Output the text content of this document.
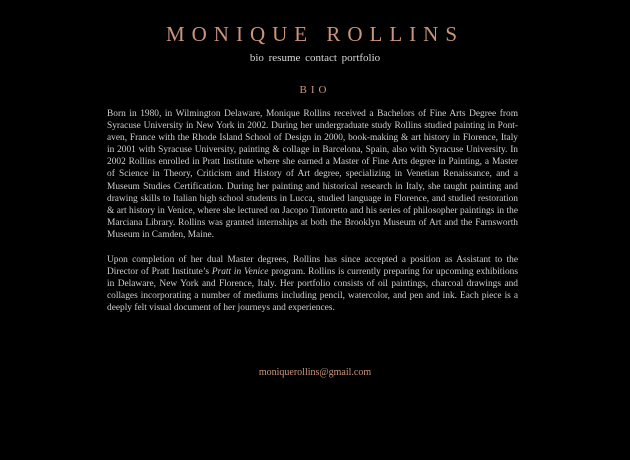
MONIQUE ROLLINS
bio resume contact portfolio
BIO

Born in 1980, in Wilmington Delaware, Monique Rollins received a Bachelors of Fine Arts Degree from Syracuse University in New York in 2002. During her undergraduate study Rollins studied painting in Pont-aven, France with the Rhode Island School of Design in 2000, book-making & art history in Florence, Italy in 2001 with Syracuse University, painting & collage in Barcelona, Spain, also with Syracuse University. In 2002 Rollins enrolled in Pratt Institute where she earned a Master of Fine Arts degree in Painting, a Master of Science in Theory, Criticism and History of Art degree, specializing in Venetian Renaissance, and a Museum Studies Certification. During her painting and historical research in Italy, she taught painting and drawing skills to Italian high school students in Lucca, studied language in Florence, and studied restoration & art history in Venice, where she lectured on Jacopo Tintoretto and his series of philosopher paintings in the Marciana Library. Rollins was granted internships at both the Brooklyn Museum of Art and the Farnsworth Museum in Camden, Maine.

Upon completion of her dual Master degrees, Rollins has since accepted a position as Assistant to the Director of Pratt Institute’s Pratt in Venice program. Rollins is currently preparing for upcoming exhibitions in Delaware, New York and Florence, Italy. Her portfolio consists of oil paintings, charcoal drawings and collages incorporating a number of mediums including pencil, watercolor, and pen and ink. Each piece is a deeply felt visual document of her journeys and experiences.

moniquerollins@gmail.com
